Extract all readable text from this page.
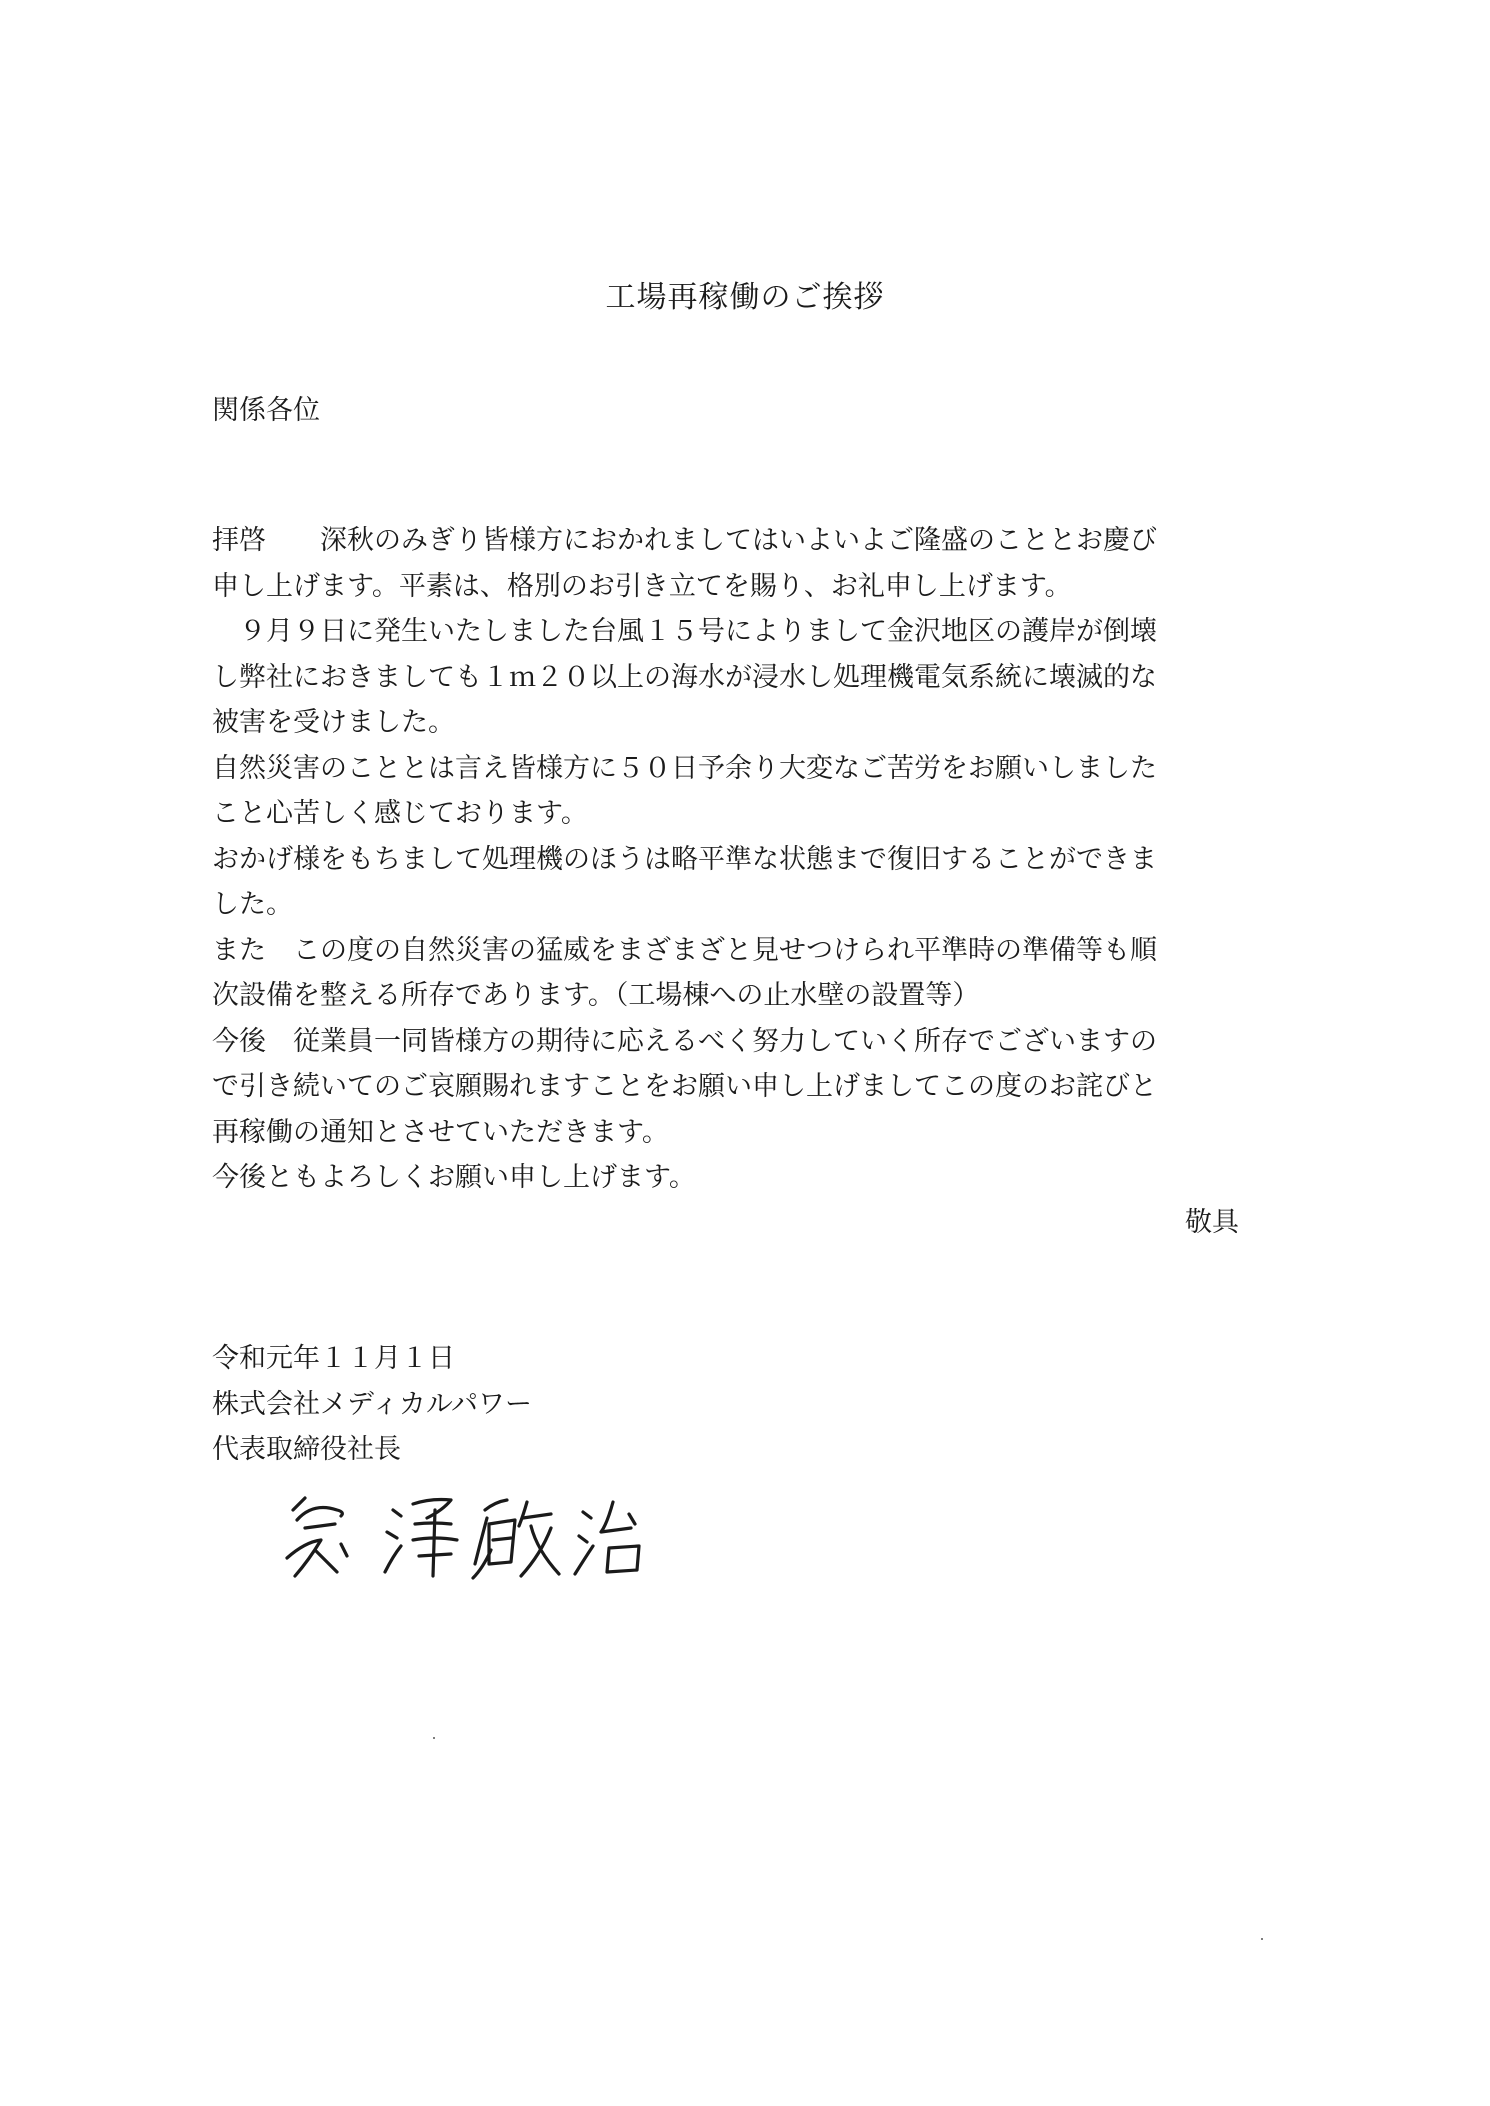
工場再稼働のご挨拶
関係各位
拝啓　　深秋のみぎり皆様方におかれましてはいよいよご隆盛のこととお慶び
申し上げます。平素は、格別のお引き立てを賜り、お礼申し上げます。
　９月９日に発生いたしました台風１５号によりまして金沢地区の護岸が倒壊
し弊社におきましても１ｍ２０以上の海水が浸水し処理機電気系統に壊滅的な
被害を受けました。
自然災害のこととは言え皆様方に５０日予余り大変なご苦労をお願いしました
こと心苦しく感じております。
おかげ様をもちまして処理機のほうは略平準な状態まで復旧することができま
した。
また　この度の自然災害の猛威をまざまざと見せつけられ平準時の準備等も順
次設備を整える所存であります。（工場棟への止水壁の設置等）
今後　従業員一同皆様方の期待に応えるべく努力していく所存でございますの
で引き続いてのご哀願賜れますことをお願い申し上げましてこの度のお詫びと
再稼働の通知とさせていただきます。
今後ともよろしくお願い申し上げます。
敬具
令和元年１１月１日
株式会社メディカルパワー
代表取締役社長
